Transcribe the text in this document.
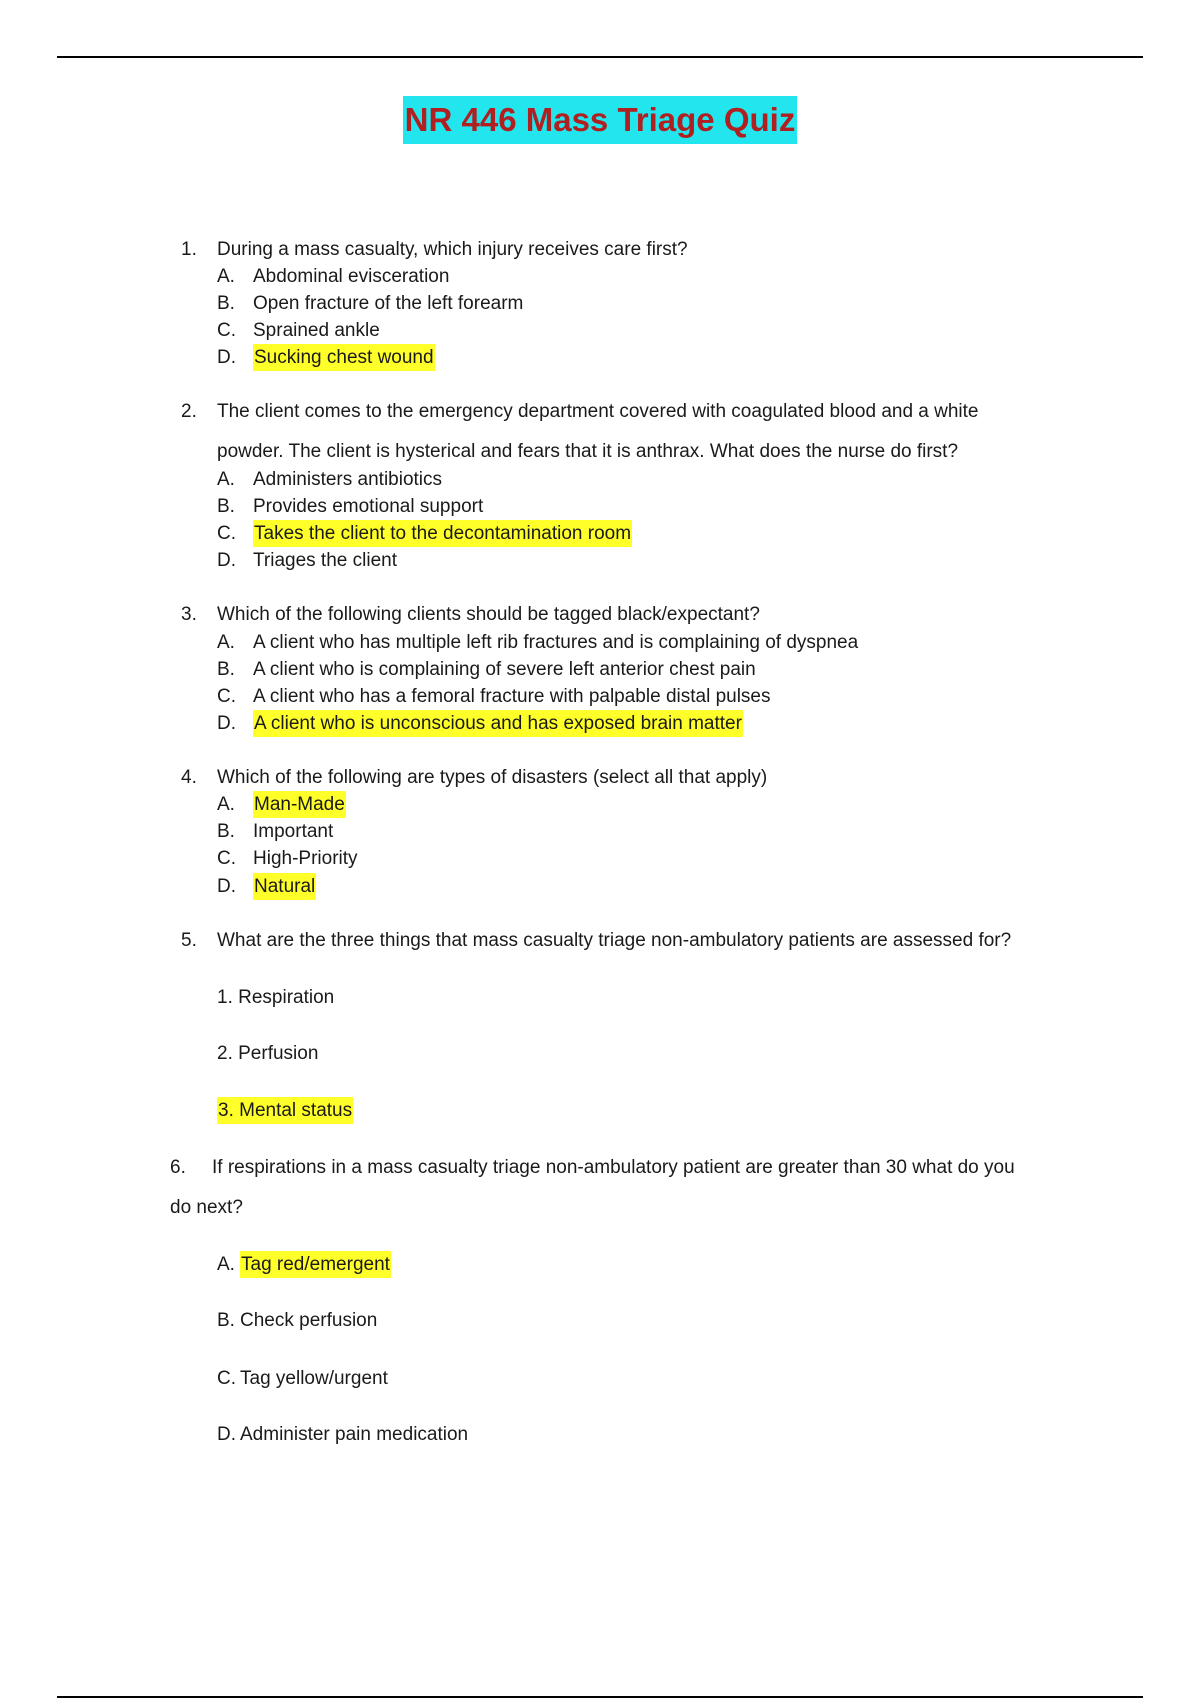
NR 446 Mass Triage Quiz
1. During a mass casualty, which injury receives care first?
A. Abdominal evisceration
B. Open fracture of the left forearm
C. Sprained ankle
D. Sucking chest wound
2. The client comes to the emergency department covered with coagulated blood and a white
powder. The client is hysterical and fears that it is anthrax. What does the nurse do first?
A. Administers antibiotics
B. Provides emotional support
C. Takes the client to the decontamination room
D. Triages the client
3. Which of the following clients should be tagged black/expectant?
A. A client who has multiple left rib fractures and is complaining of dyspnea
B. A client who is complaining of severe left anterior chest pain
C. A client who has a femoral fracture with palpable distal pulses
D. A client who is unconscious and has exposed brain matter
4. Which of the following are types of disasters (select all that apply)
A. Man-Made
B. Important
C. High-Priority
D. Natural
5. What are the three things that mass casualty triage non-ambulatory patients are assessed for?
1. Respiration
2. Perfusion
3. Mental status
6. If respirations in a mass casualty triage non-ambulatory patient are greater than 30 what do you
do next?
A. Tag red/emergent
B. Check perfusion
C. Tag yellow/urgent
D. Administer pain medication
